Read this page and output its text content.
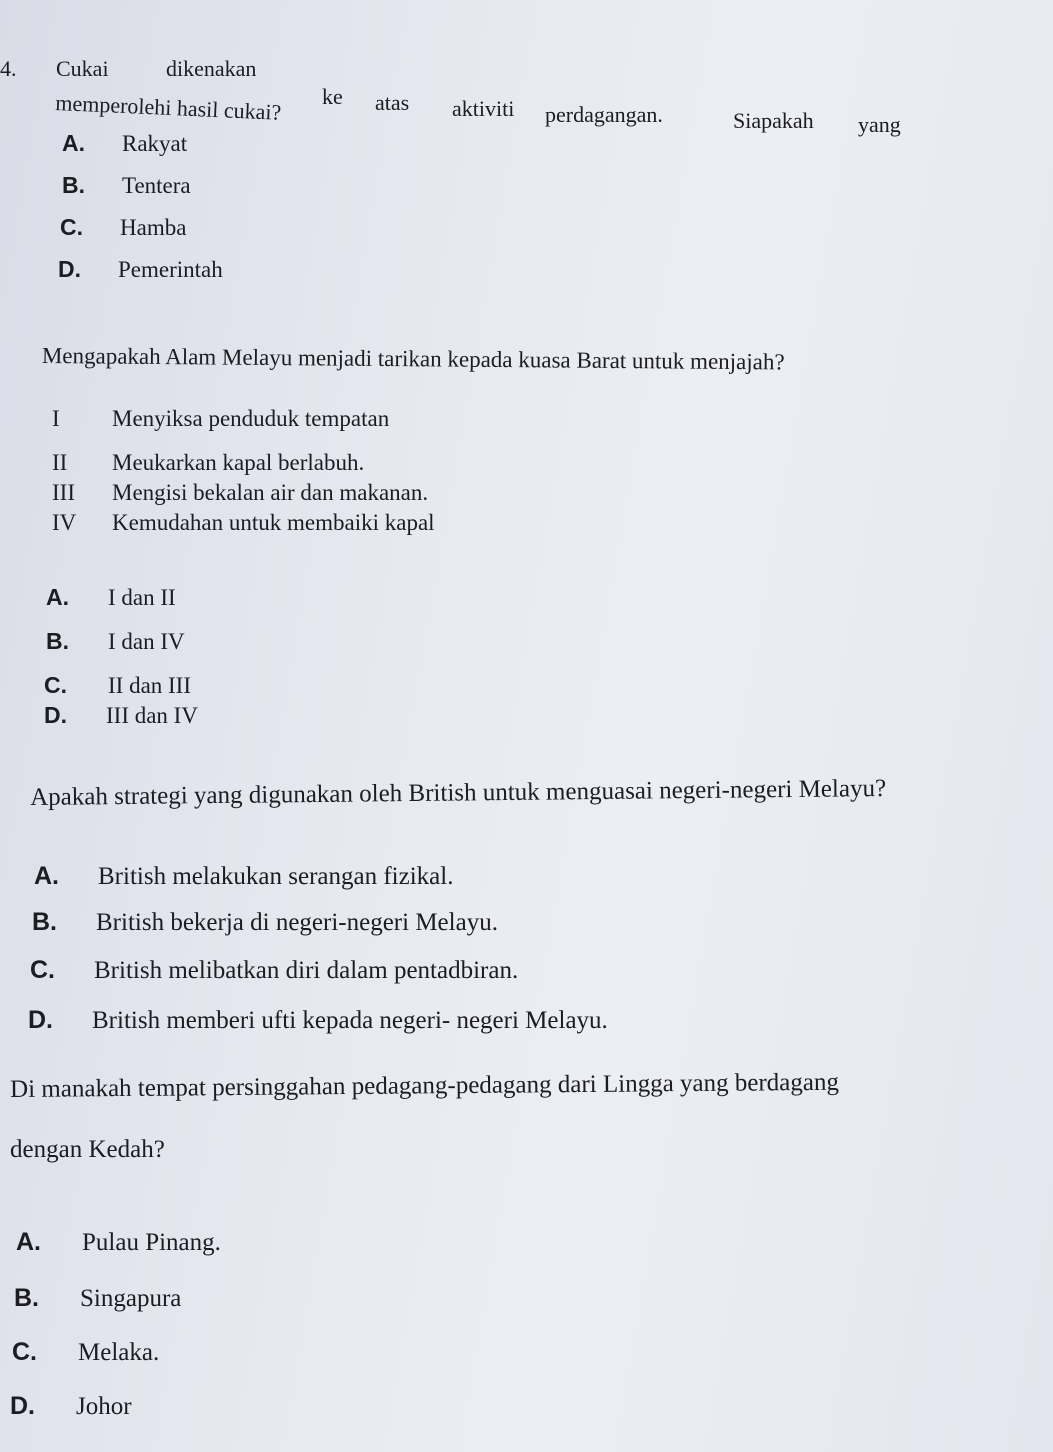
4. Cukai	dikenakan
ke atas aktiviti perdagangan.	Siapakah yang
memperolehi hasil cukai?
A. Rakyat
B. Tentera
C. Hamba
D. Pemerintah
Mengapakah Alam Melayu menjadi tarikan kepada kuasa Barat untuk menjajah?
I Menyiksa penduduk tempatan
II Meukarkan kapal berlabuh.
III Mengisi bekalan air dan makanan.
IV Kemudahan untuk membaiki kapal
A. I dan II
B. I dan IV
C. II dan III
D. III dan IV
Apakah strategi yang digunakan oleh British untuk menguasai negeri-negeri Melayu?
A. British melakukan serangan fizikal.
B. British bekerja di negeri-negeri Melayu.
C. British melibatkan diri dalam pentadbiran.
D. British memberi ufti kepada negeri- negeri Melayu.
Di manakah tempat persinggahan pedagang-pedagang dari Lingga yang berdagang
dengan Kedah?
A. Pulau Pinang.
B. Singapura
C. Melaka.
D. Johor
